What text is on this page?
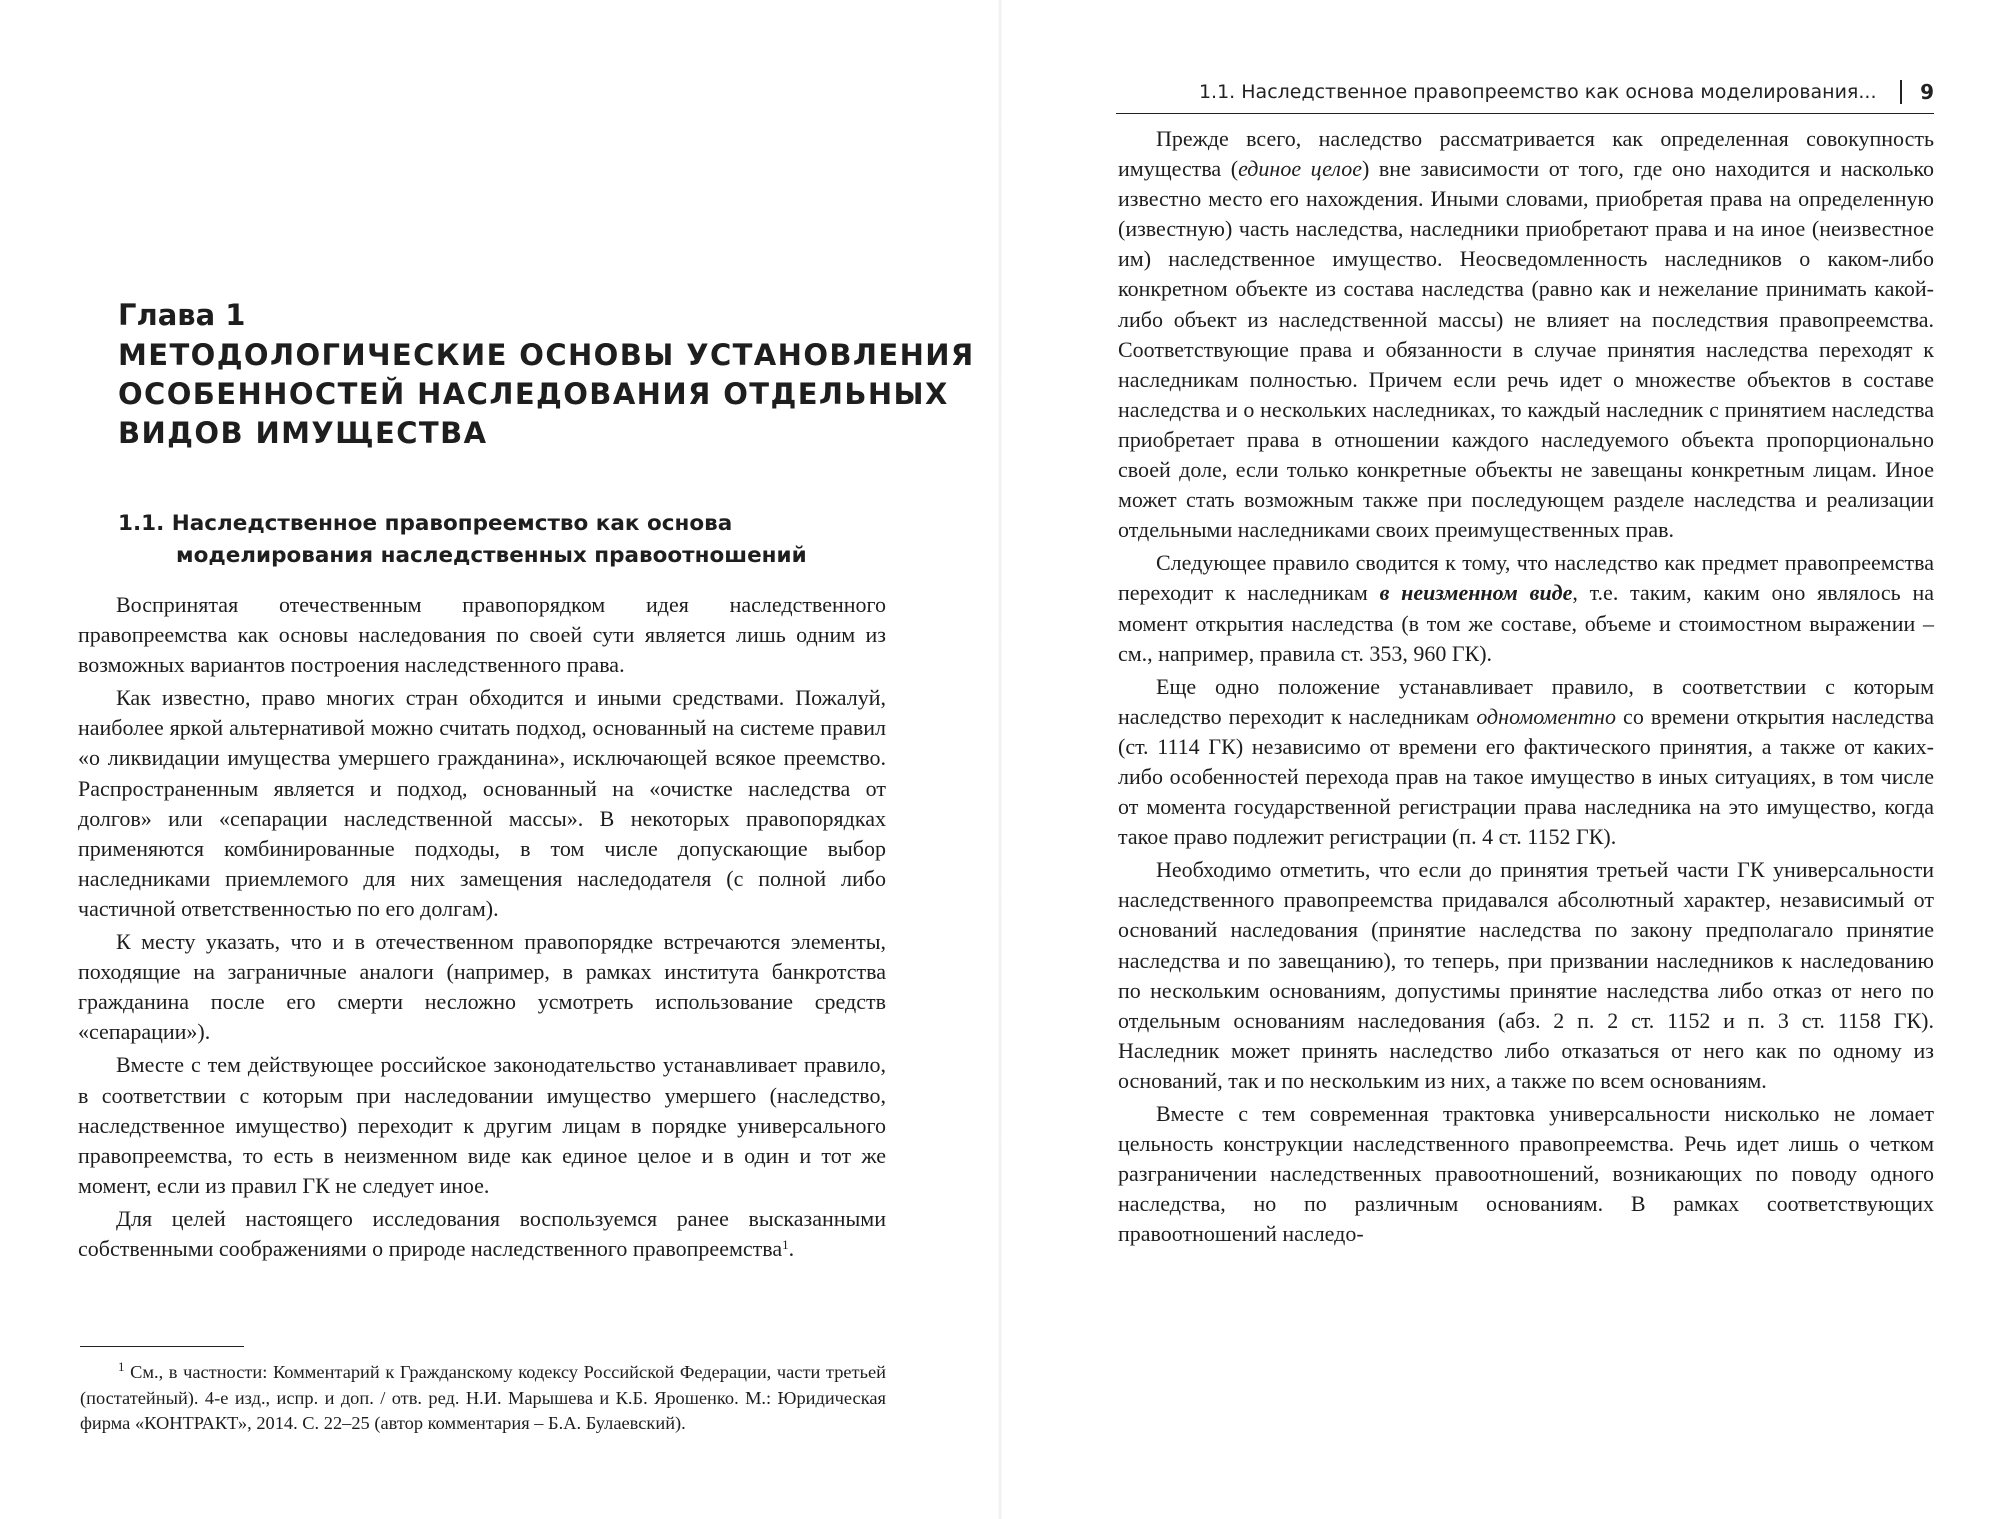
Глава 1
МЕТОДОЛОГИЧЕСКИЕ ОСНОВЫ УСТАНОВЛЕНИЯ
ОСОБЕННОСТЕЙ НАСЛЕДОВАНИЯ ОТДЕЛЬНЫХ
ВИДОВ ИМУЩЕСТВА
1.1. Наследственное правопреемство как основа
моделирования наследственных правоотношений

Воспринятая отечественным правопорядком идея наследственного правопреемства как основы наследования по своей сути является лишь одним из возможных вариантов построения наследственного права.

Как известно, право многих стран обходится и иными средствами. Пожалуй, наиболее яркой альтернативой можно считать подход, основанный на системе правил «о ликвидации имущества умершего гражданина», исключающей всякое преемство. Распространенным является и подход, основанный на «очистке наследства от долгов» или «сепарации наследственной массы». В некоторых правопорядках применяются комбинированные подходы, в том числе допускающие выбор наследниками приемлемого для них замещения наследодателя (с полной либо частичной ответственностью по его долгам).

К месту указать, что и в отечественном правопорядке встречаются элементы, походящие на заграничные аналоги (например, в рамках института банкротства гражданина после его смерти несложно усмотреть использование средств «сепарации»).

Вместе с тем действующее российское законодательство устанавливает правило, в соответствии с которым при наследовании имущество умершего (наследство, наследственное имущество) переходит к другим лицам в порядке универсального правопреемства, то есть в неизменном виде как единое целое и в один и тот же момент, если из правил ГК не следует иное.

Для целей настоящего исследования воспользуемся ранее высказанными собственными соображениями о природе наследственного правопреемства$^1$.

$^1$ См., в частности: Комментарий к Гражданскому кодексу Российской Федерации, части третьей (постатейный). 4-е изд., испр. и доп. / отв. ред. Н.И. Марышева и К.Б. Ярошенко. М.: Юридическая фирма «КОНТРАКТ», 2014. С. 22–25 (автор комментария – Б.А. Булаевский).

1.1. Наследственное правопреемство как основа моделирования... 9

Прежде всего, наследство рассматривается как определенная совокупность имущества (единое целое) вне зависимости от того, где оно находится и насколько известно место его нахождения. Иными словами, приобретая права на определенную (известную) часть наследства, наследники приобретают права и на иное (неизвестное им) наследственное имущество. Неосведомленность наследников о каком-либо конкретном объекте из состава наследства (равно как и нежелание принимать какой-либо объект из наследственной массы) не влияет на последствия правопреемства. Соответствующие права и обязанности в случае принятия наследства переходят к наследникам полностью. Причем если речь идет о множестве объектов в составе наследства и о нескольких наследниках, то каждый наследник с принятием наследства приобретает права в отношении каждого наследуемого объекта пропорционально своей доле, если только конкретные объекты не завещаны конкретным лицам. Иное может стать возможным также при последующем разделе наследства и реализации отдельными наследниками своих преимущественных прав.

Следующее правило сводится к тому, что наследство как предмет правопреемства переходит к наследникам в неизменном виде, т.е. таким, каким оно являлось на момент открытия наследства (в том же составе, объеме и стоимостном выражении – см., например, правила ст. 353, 960 ГК).

Еще одно положение устанавливает правило, в соответствии с которым наследство переходит к наследникам одномоментно со времени открытия наследства (ст. 1114 ГК) независимо от времени его фактического принятия, а также от каких-либо особенностей перехода прав на такое имущество в иных ситуациях, в том числе от момента государственной регистрации права наследника на это имущество, когда такое право подлежит регистрации (п. 4 ст. 1152 ГК).

Необходимо отметить, что если до принятия третьей части ГК универсальности наследственного правопреемства придавался абсолютный характер, независимый от оснований наследования (принятие наследства по закону предполагало принятие наследства и по завещанию), то теперь, при призвании наследников к наследованию по нескольким основаниям, допустимы принятие наследства либо отказ от него по отдельным основаниям наследования (абз. 2 п. 2 ст. 1152 и п. 3 ст. 1158 ГК). Наследник может принять наследство либо отказаться от него как по одному из оснований, так и по нескольким из них, а также по всем основаниям.

Вместе с тем современная трактовка универсальности нисколько не ломает цельность конструкции наследственного правопреемства. Речь идет лишь о четком разграничении наследственных правоотношений, возникающих по поводу одного наследства, но по различным основаниям. В рамках соответствующих правоотношений наследо-
